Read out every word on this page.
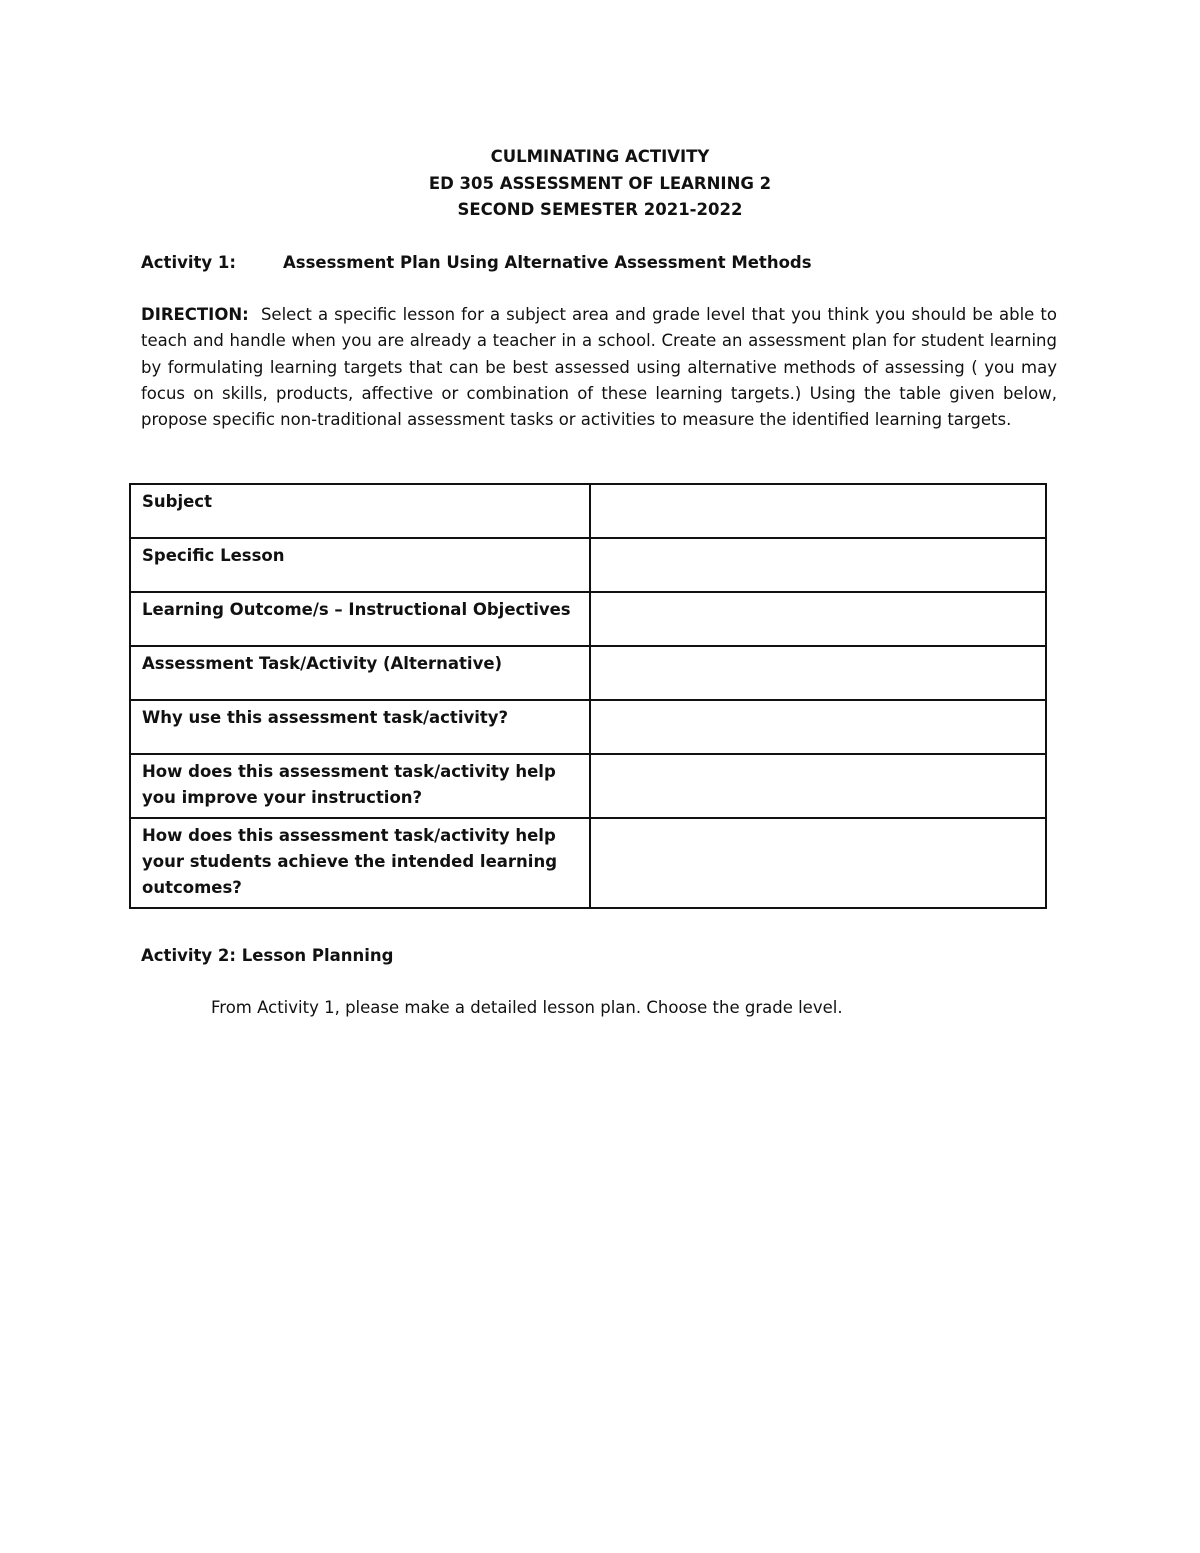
CULMINATING ACTIVITY
ED 305 ASSESSMENT OF LEARNING 2
SECOND SEMESTER 2021-2022
Activity 1:	Assessment Plan Using Alternative Assessment Methods
DIRECTION: Select a specific lesson for a subject area and grade level that you think you should be able to teach and handle when you are already a teacher in a school. Create an assessment plan for student learning by formulating learning targets that can be best assessed using alternative methods of assessing ( you may focus on skills, products, affective or combination of these learning targets.) Using the table given below, propose specific non-traditional assessment tasks or activities to measure the identified learning targets.
Subject	
Specific Lesson	
Learning Outcome/s – Instructional Objectives	
Assessment Task/Activity (Alternative)	
Why use this assessment task/activity?	
How does this assessment task/activity help you improve your instruction?	
How does this assessment task/activity help your students achieve the intended learning outcomes?	
Activity 2: Lesson Planning
From Activity 1, please make a detailed lesson plan. Choose the grade level.
